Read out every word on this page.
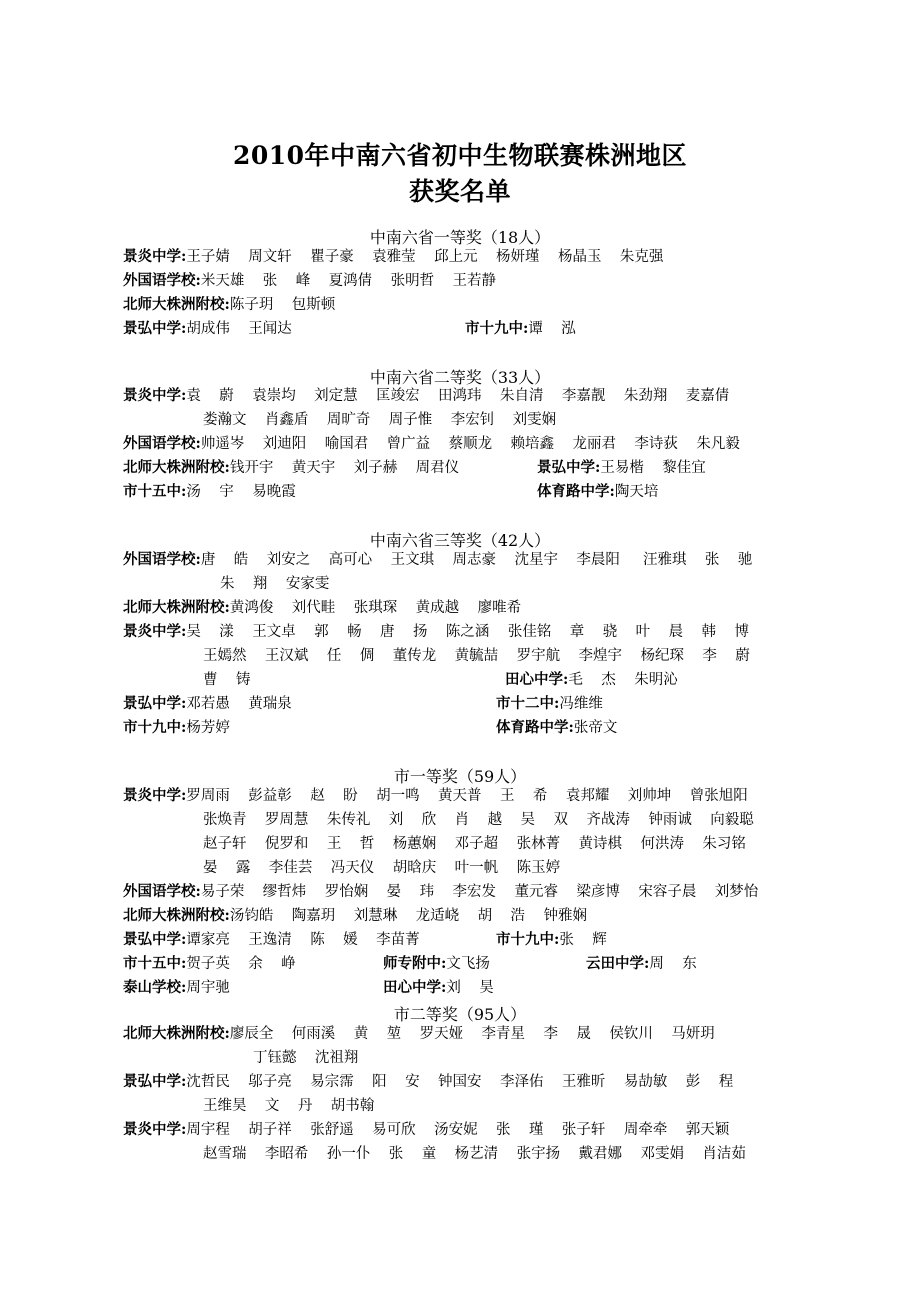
2010年中南六省初中生物联赛株洲地区
获奖名单
中南六省一等奖（18人）
景炎中学:王子婧    周文轩    瞿子豪    袁雅莹    邱上元    杨妍瑾    杨晶玉    朱克强
外国语学校:米天雄    张    峰    夏鸿倩    张明哲    王若静
北师大株洲附校:陈子玥    包斯顿
景弘中学:胡成伟    王闻达	市十九中:谭    泓
中南六省二等奖（33人）
景炎中学:袁    蔚    袁崇均    刘定慧    匡竣宏    田鸿玮    朱自清    李嘉靓    朱劲翔    麦嘉倩
娄瀚文    肖鑫盾    周旷奇    周子惟    李宏钊    刘雯娴
外国语学校:帅遥岑    刘迪阳    喻国君    曾广益    蔡顺龙    赖培鑫    龙丽君    李诗荻    朱凡毅
北师大株洲附校:钱开宇    黄天宇    刘子赫    周君仪	景弘中学:王易楷    黎佳宜
市十五中:汤    宇    易晚霞	体育路中学:陶天培
中南六省三等奖（42人）
外国语学校:唐    皓    刘安之    高可心    王文琪    周志豪    沈星宇    李晨阳     汪雅琪    张    驰
朱    翔    安家雯
北师大株洲附校:黄鸿俊    刘代畦    张琪琛    黄成越    廖唯希
景炎中学:吴    漾    王文卓    郭    畅    唐    扬    陈之涵    张佳铭    章    骁    叶    晨    韩    博
王嫣然    王汉斌    任    倜    董传龙    黄毓喆    罗宇航    李煌宇    杨纪琛    李    蔚
曹    铸	田心中学:毛    杰    朱明沁
景弘中学:邓若愚    黄瑞泉	市十二中:冯维维
市十九中:杨芳婷	体育路中学:张帝文
市一等奖（59人）
景炎中学:罗周雨    彭益彰    赵    盼    胡一鸣    黄天普    王    希    袁邦耀    刘帅坤    曾张旭阳
张焕青    罗周慧    朱传礼    刘    欣    肖    越    吴    双    齐战涛    钟雨诚    向毅聪
赵子轩    倪罗和    王    哲    杨蕙娴    邓子超    张林菁    黄诗棋    何洪涛    朱习铭
晏    露    李佳芸    冯天仪    胡晗庆    叶一帆    陈玉婷
外国语学校:易子荣    缪哲炜    罗怡娴    晏    玮    李宏发    董元睿    梁彦博    宋容子晨    刘梦怡
北师大株洲附校:汤钧皓    陶嘉玥    刘慧琳    龙适峣    胡    浩    钟雅娴
景弘中学:谭家亮    王逸清    陈    媛    李苗菁	市十九中:张    辉
市十五中:贺子英    余    峥	师专附中:文飞扬	云田中学:周    东
泰山学校:周宇驰	田心中学:刘    昊
市二等奖（95人）
北师大株洲附校:廖辰全    何雨溪    黄    堃    罗天娅    李青星    李    晟    侯钦川    马妍玥
丁钰懿    沈祖翔
景弘中学:沈哲民    邬子亮    易宗霈    阳    安    钟国安    李泽佑    王雅昕    易劼敏    彭    程
王维昊    文    丹    胡书翰
景炎中学:周宇程    胡子祥    张舒遥    易可欣    汤安妮    张    瑾    张子轩    周牵牵    郭天颖
赵雪瑞    李昭希    孙一仆    张    童    杨艺清    张宇扬    戴君娜    邓雯娟    肖洁茹
